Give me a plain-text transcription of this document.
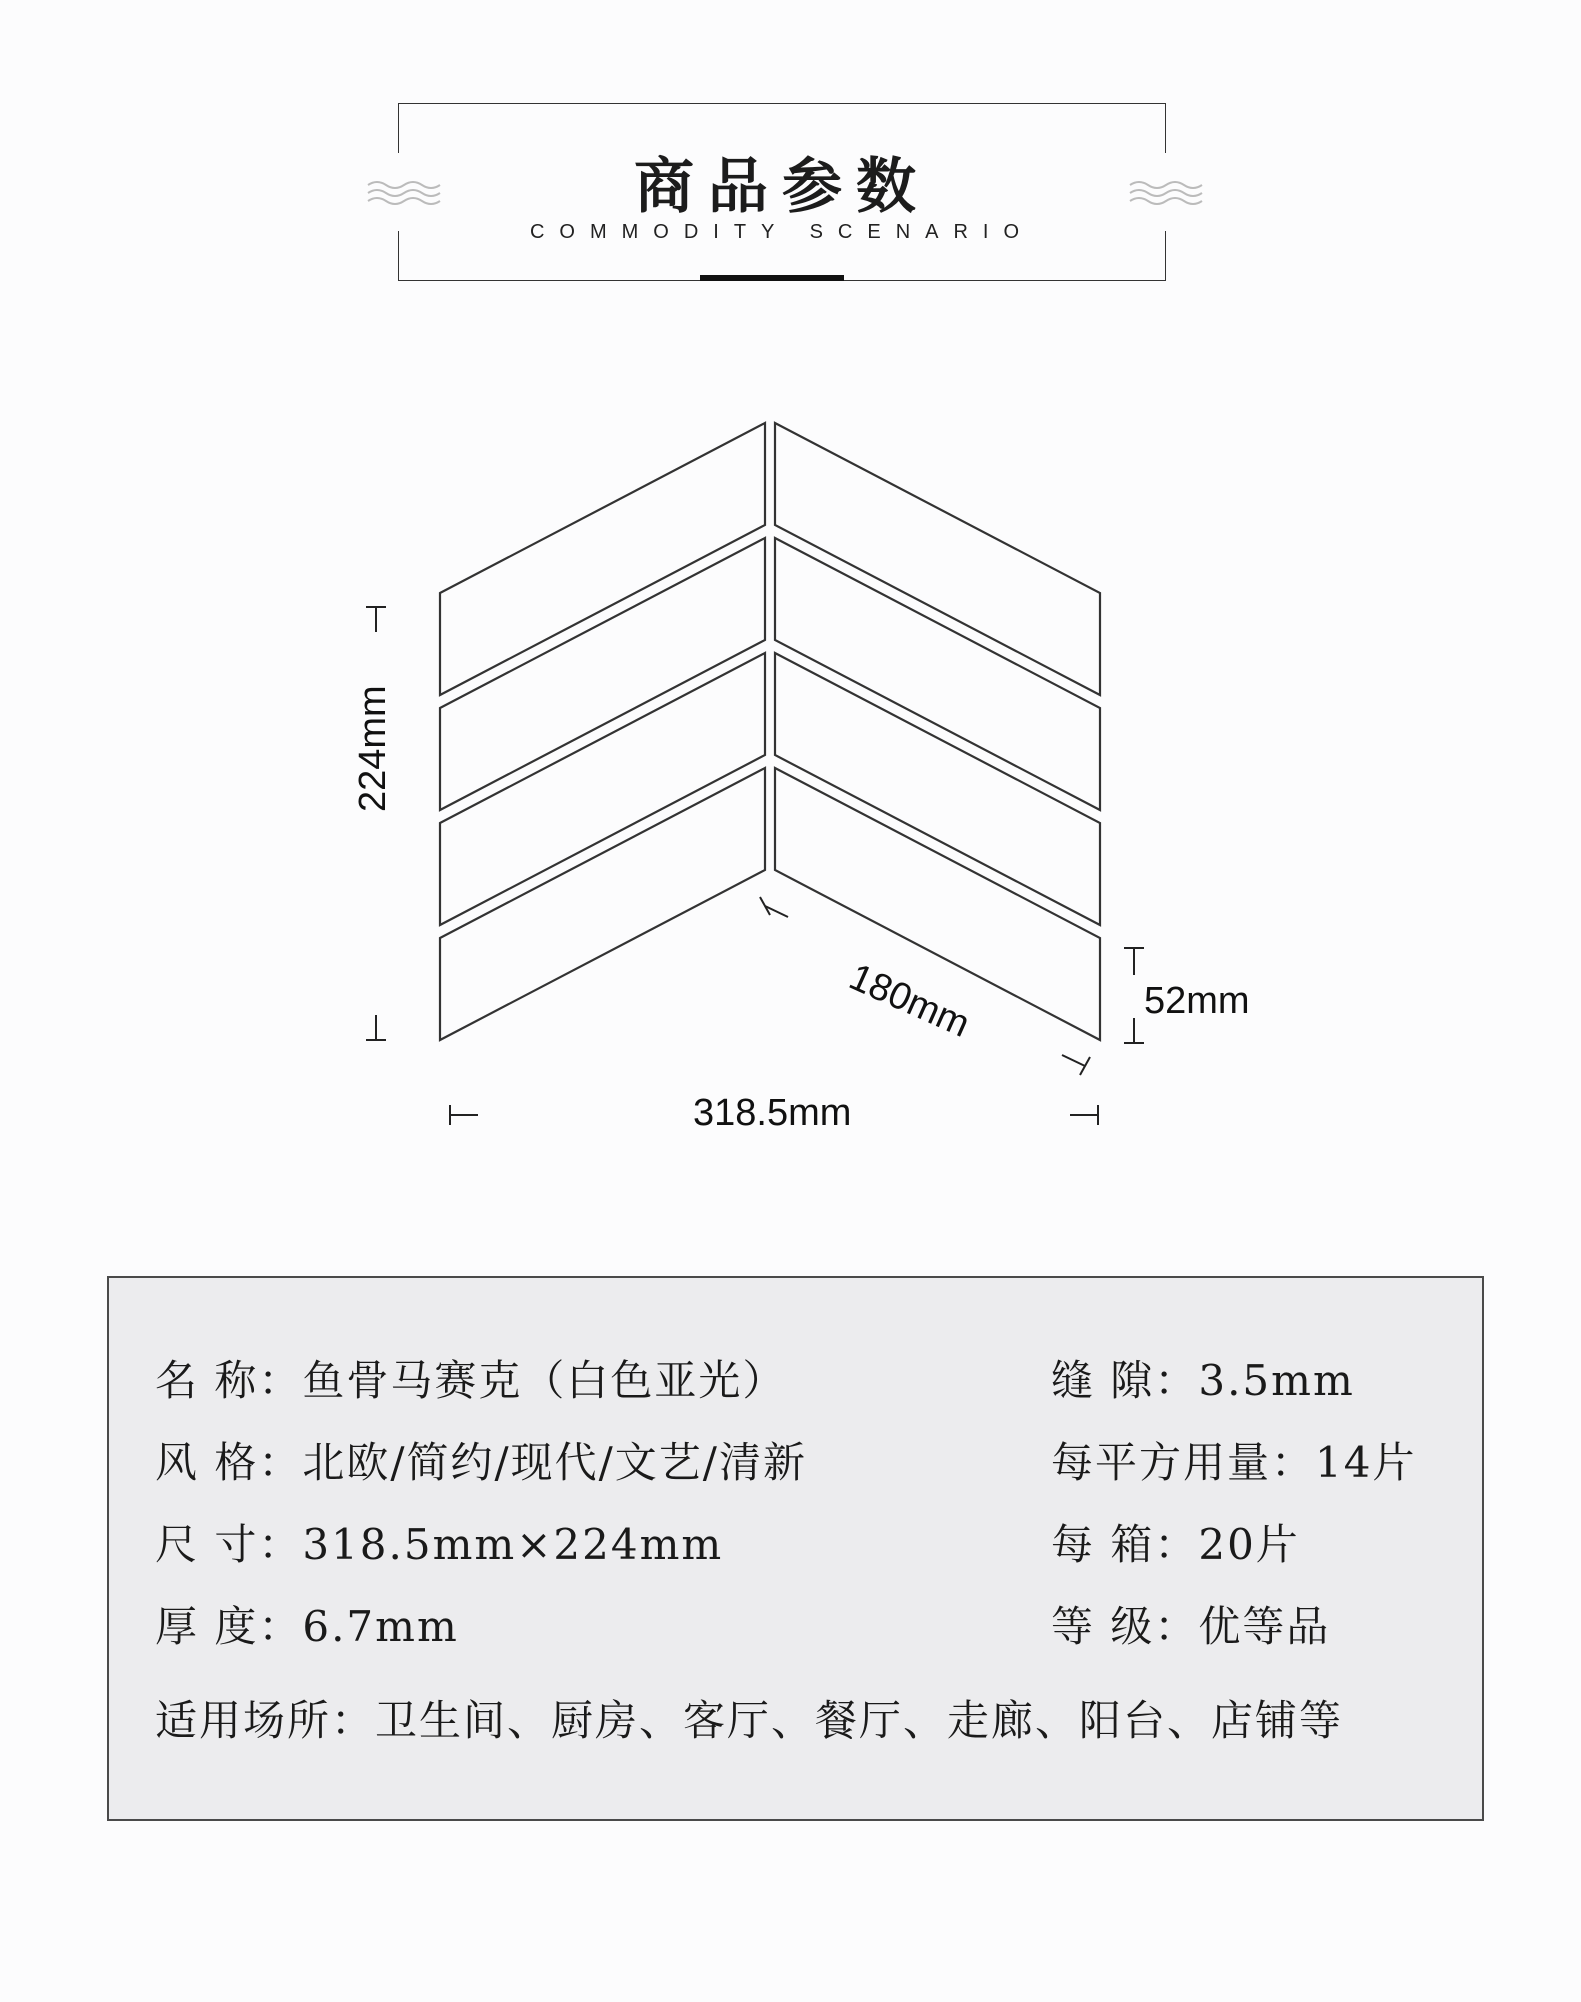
商品参数
COMMODITY SCENARIO
224mm
318.5mm
52mm
180mm
名 称：鱼骨马赛克（白色亚光）	缝 隙：3.5mm
风 格：北欧/简约/现代/文艺/清新	每平方用量：14片
尺 寸：318.5mm×224mm	每 箱：20片
厚 度：6.7mm	等 级：优等品
适用场所：卫生间、厨房、客厅、餐厅、走廊、阳台、店铺等
